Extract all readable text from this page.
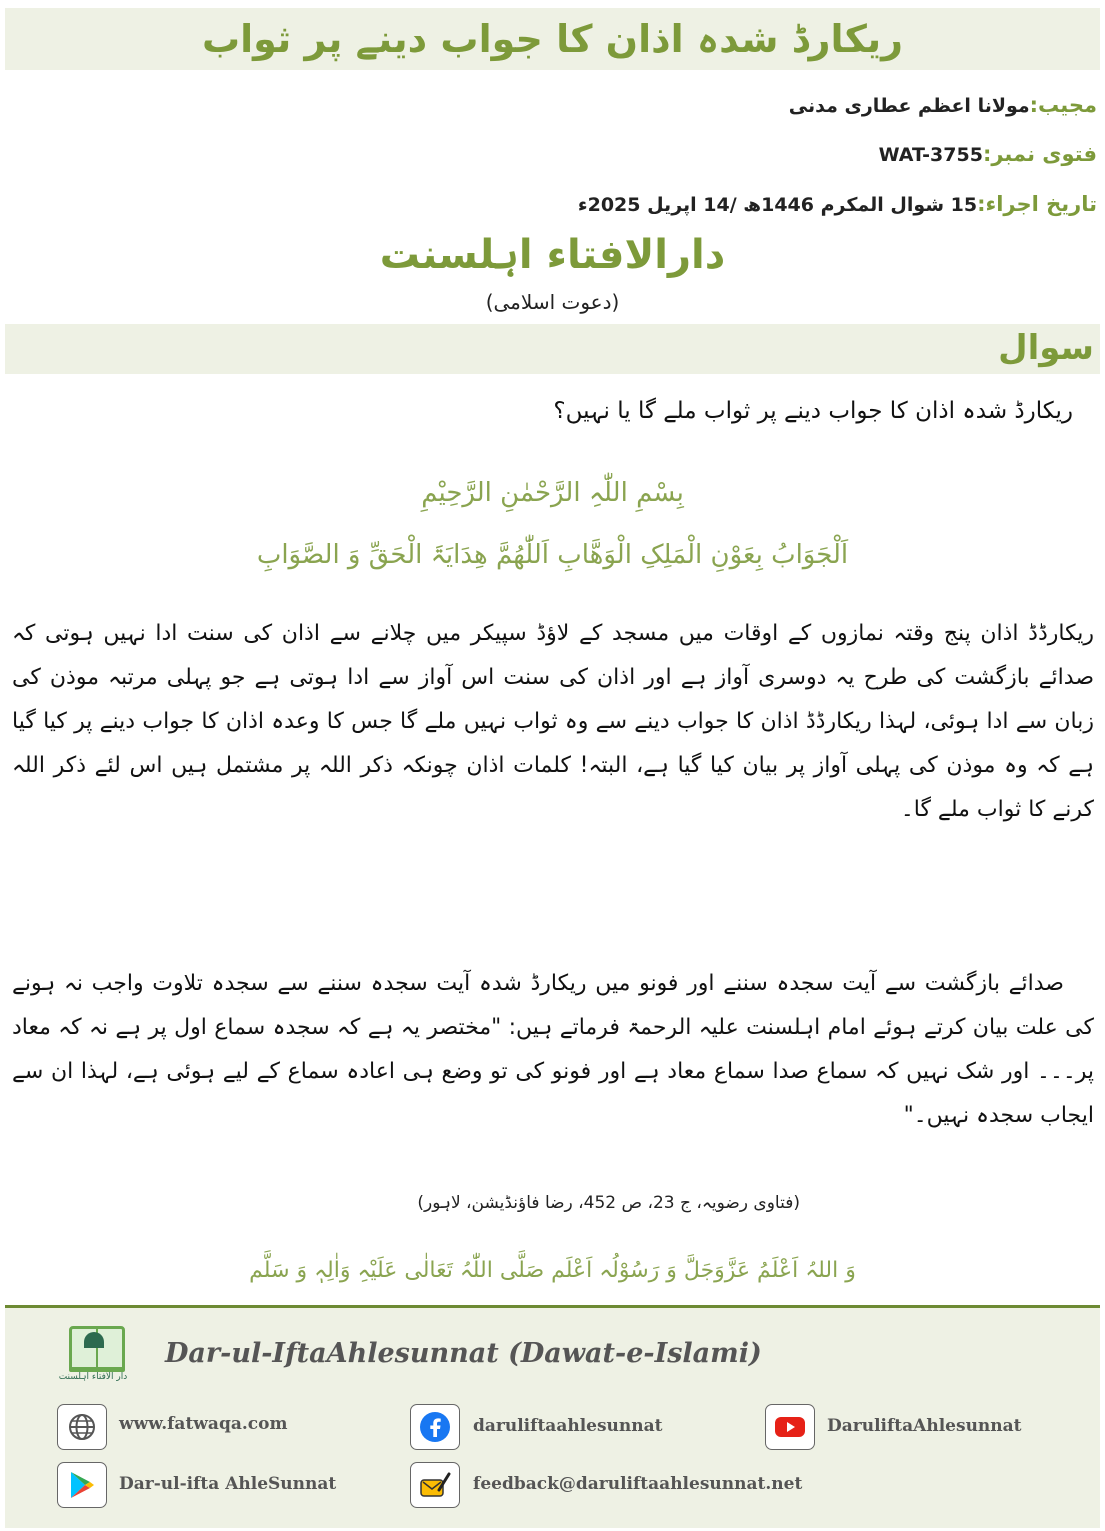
ریکارڈ شدہ اذان کا جواب دینے پر ثواب
مجیب:مولانا اعظم عطاری مدنی
فتوی نمبر:WAT-3755
تاریخ اجراء:15 شوال المکرم 1446ھ /14 اپریل 2025ء
دارالافتاء اہلسنت
(دعوت اسلامی)
سوال
ریکارڈ شدہ اذان کا جواب دینے پر ثواب ملے گا یا نہیں؟
بِسْمِ اللّٰہِ الرَّحْمٰنِ الرَّحِیْمِ
اَلْجَوَابُ بِعَوْنِ الْمَلِکِ الْوَھَّابِ اَللّٰھُمَّ ھِدَایَۃَ الْحَقِّ وَ الصَّوَابِ
ریکارڈڈ اذان پنج وقتہ نمازوں کے اوقات میں مسجد کے لاؤڈ سپیکر میں چلانے سے اذان کی سنت ادا نہیں ہوتی کہ صدائے بازگشت کی طرح یہ دوسری آواز ہے اور اذان کی سنت اس آواز سے ادا ہوتی ہے جو پہلی مرتبہ موذن کی زبان سے ادا ہوئی، لہذا ریکارڈڈ اذان کا جواب دینے سے وہ ثواب نہیں ملے گا جس کا وعدہ اذان کا جواب دینے پر کیا گیا ہے کہ وہ موذن کی پہلی آواز پر بیان کیا گیا ہے، البتہ! کلمات اذان چونکہ ذکر اللہ پر مشتمل ہیں اس لئے ذکر اللہ کرنے کا ثواب ملے گا۔
صدائے بازگشت سے آیت سجدہ سننے اور فونو میں ریکارڈ شدہ آیت سجدہ سننے سے سجدہ تلاوت واجب نہ ہونے کی علت بیان کرتے ہوئے امام اہلسنت علیہ الرحمۃ فرماتے ہیں: "مختصر یہ ہے کہ سجدہ سماع اول پر ہے نہ کہ معاد پر۔۔۔ اور شک نہیں کہ سماع صدا سماع معاد ہے اور فونو کی تو وضع ہی اعادہ سماع کے لیے ہوئی ہے، لہذا ان سے ایجاب سجدہ نہیں۔"
(فتاوی رضویہ، ج 23، ص 452، رضا فاؤنڈیشن، لاہور)
وَ اللہُ اَعْلَمُ عَزَّوَجَلَّ وَ رَسُوْلُہ اَعْلَم صَلَّی اللّٰہُ تَعَالٰی عَلَیْہِ وَاٰلِہٖ وَ سَلَّم
دار الافتاء اہلسنت
Dar-ul-IftaAhlesunnat (Dawat-e-Islami)
www.fatwaqa.com	daruliftaahlesunnat	DaruliftaAhlesunnat
Dar-ul-ifta AhleSunnat	feedback@daruliftaahlesunnat.net
